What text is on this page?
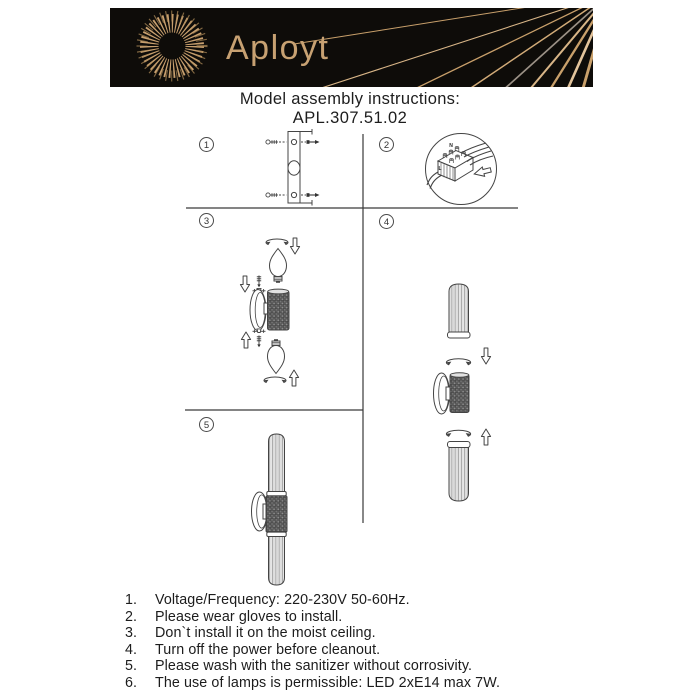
Aployt
Model assembly instructions:
APL.307.51.02
N
L
1	2
3	4
5
1.	Voltage/Frequency: 220-230V 50-60Hz.
2.	Please wear gloves to install.
3.	Don`t install it on the moist ceiling.
4.	Turn off the power before cleanout.
5.	Please wash with the sanitizer without corrosivity.
6.	The use of lamps is permissible: LED 2xE14 max 7W.
